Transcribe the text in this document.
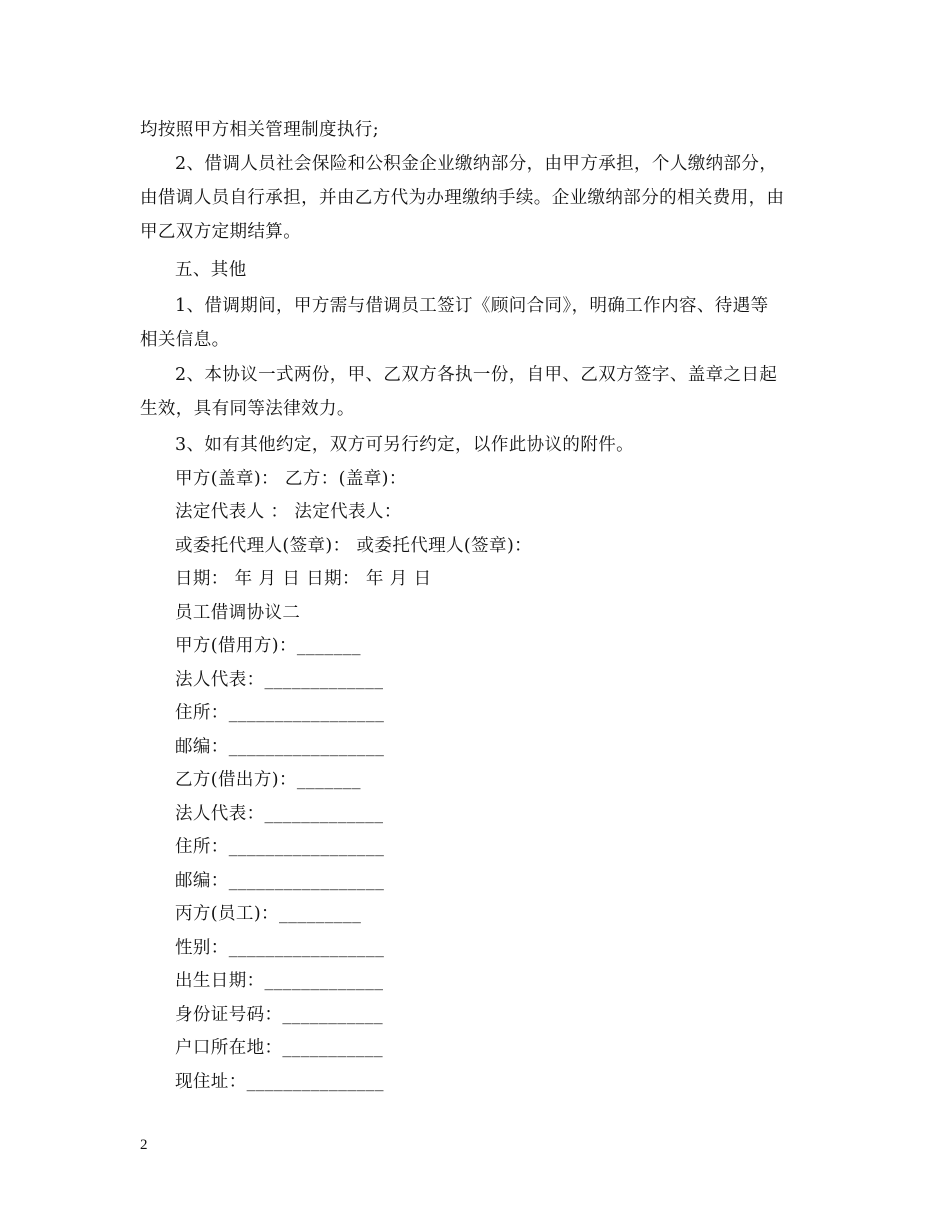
均按照甲方相关管理制度执行;
2、借调人员社会保险和公积金企业缴纳部分，由甲方承担，个人缴纳部分，
由借调人员自行承担，并由乙方代为办理缴纳手续。企业缴纳部分的相关费用，由
甲乙双方定期结算。
五、其他
1、借调期间，甲方需与借调员工签订《顾问合同》，明确工作内容、待遇等
相关信息。
2、本协议一式两份，甲、乙双方各执一份，自甲、乙双方签字、盖章之日起
生效，具有同等法律效力。
3、如有其他约定，双方可另行约定，以作此协议的附件。
甲方(盖章)： 乙方：(盖章)：
法定代表人 ： 法定代表人：
或委托代理人(签章)： 或委托代理人(签章)：
日期： 年 月 日 日期： 年 月 日
员工借调协议二
甲方(借用方)：_______
法人代表：_____________
住所：_________________
邮编：_________________
乙方(借出方)：_______
法人代表：_____________
住所：_________________
邮编：_________________
丙方(员工)：_________
性别：_________________
出生日期：_____________
身份证号码：___________
户口所在地：___________
现住址：_______________
2
